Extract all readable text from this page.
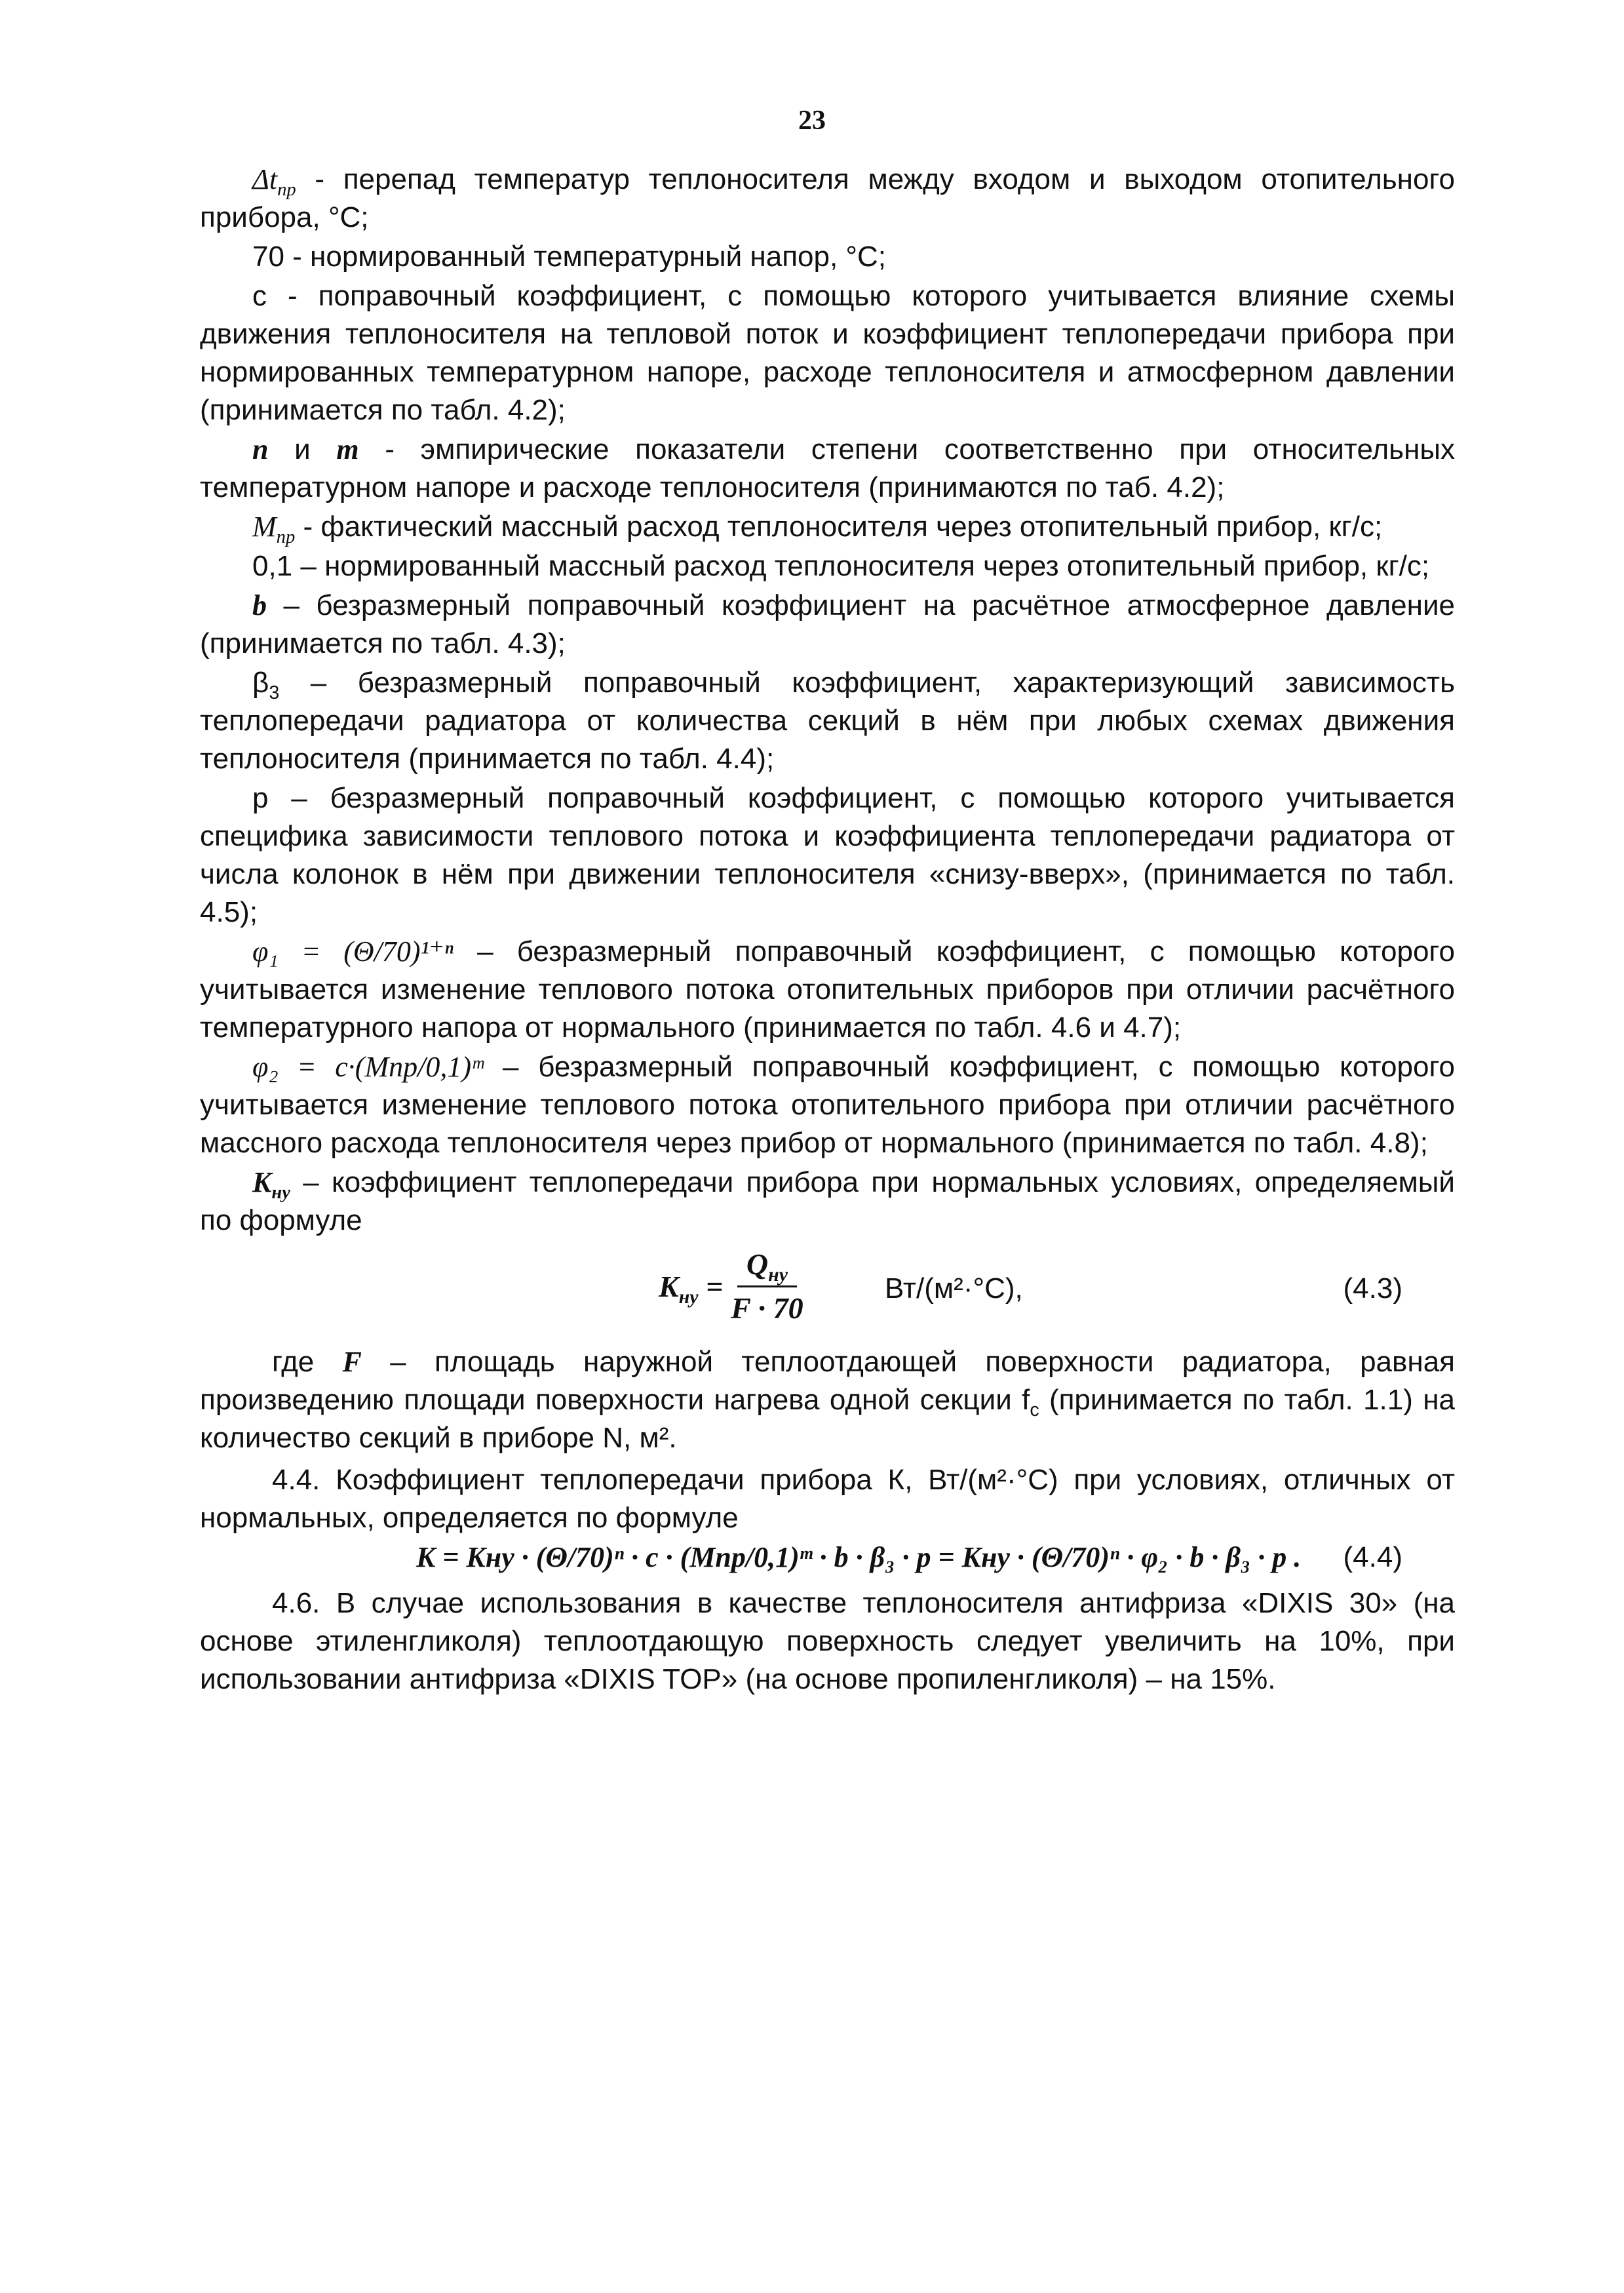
23

$\Delta t_{пр}$ - перепад температур теплоносителя между входом и выходом отопительного прибора, °С;

70 - нормированный температурный напор, °С;

с - поправочный коэффициент, с помощью которого учитывается влияние схемы движения теплоносителя на тепловой поток и коэффициент теплопередачи прибора при нормированных температурном напоре, расходе теплоносителя и атмосферном давлении (принимается по табл. 4.2);

n и m - эмпирические показатели степени соответственно при относительных температурном напоре и расходе теплоносителя (принимаются по таб. 4.2);

$M_{пр}$ - фактический массный расход теплоносителя через отопительный прибор, кг/с;

0,1 – нормированный массный расход теплоносителя через отопительный прибор, кг/с;

b – безразмерный поправочный коэффициент на расчётное атмосферное давление (принимается по табл. 4.3);

$\beta_3$ – безразмерный поправочный коэффициент, характеризующий зависимость теплопередачи радиатора от количества секций в нём при любых схемах движения теплоносителя (принимается по табл. 4.4);

р – безразмерный поправочный коэффициент, с помощью которого учитывается специфика зависимости теплового потока и коэффициента теплопередачи радиатора от числа колонок в нём при движении теплоносителя «снизу-вверх», (принимается по табл. 4.5);

φ₁ = (Θ/70)¹⁺ⁿ – безразмерный поправочный коэффициент, с помощью которого учитывается изменение теплового потока отопительных приборов при отличии расчётного температурного напора от нормального (принимается по табл. 4.6 и 4.7);

φ₂ = c·(Mпр/0,1)ᵐ – безразмерный поправочный коэффициент, с помощью которого учитывается изменение теплового потока отопительного прибора при отличии расчётного массного расхода теплоносителя через прибор от нормального (принимается по табл. 4.8);

$K_{ну}$ – коэффициент теплопередачи прибора при нормальных условиях, определяемый по формуле

$K_{ну} = \frac{Q_{ну}}{F \cdot 70}$	Вт/(м²·°С),	(4.3)

где F – площадь наружной теплоотдающей поверхности радиатора, равная произведению площади поверхности нагрева одной секции $f_с$ (принимается по табл. 1.1) на количество секций в приборе N, м².

4.4. Коэффициент теплопередачи прибора К, Вт/(м²·°С) при условиях, отличных от нормальных, определяется по формуле

K = Kну · (Θ/70)ⁿ · c · (Mпр/0,1)ᵐ · b · β₃ · p = Kну · (Θ/70)ⁿ · φ₂ · b · β₃ · p . (4.4)

4.6. В случае использования в качестве теплоносителя антифриза «DIXIS 30» (на основе этиленгликоля) теплоотдающую поверхность следует увеличить на 10%, при использовании антифриза «DIXIS TOP» (на основе пропиленгликоля) – на 15%.
